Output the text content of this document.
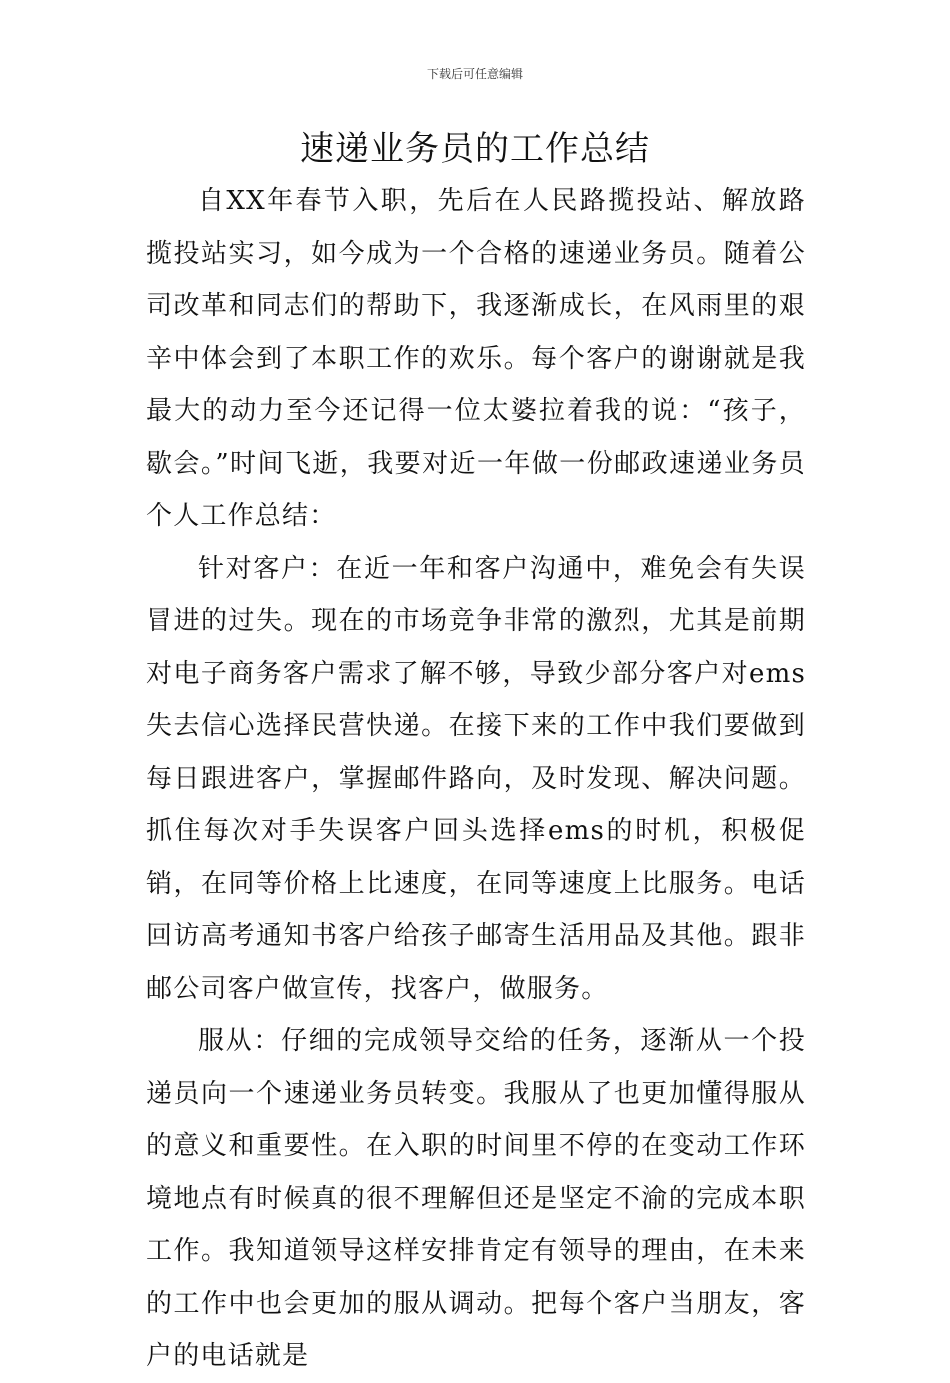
下载后可任意编辑
速递业务员的工作总结

自XX年春节入职，先后在人民路揽投站、解放路揽投站实习，如今成为一个合格的速递业务员。随着公司改革和同志们的帮助下，我逐渐成长，在风雨里的艰辛中体会到了本职工作的欢乐。每个客户的谢谢就是我最大的动力至今还记得一位太婆拉着我的说：“孩子，歇会。”时间飞逝，我要对近一年做一份邮政速递业务员个人工作总结：

针对客户：在近一年和客户沟通中，难免会有失误冒进的过失。现在的市场竞争非常的激烈，尤其是前期对电子商务客户需求了解不够，导致少部分客户对ems失去信心选择民营快递。在接下来的工作中我们要做到每日跟进客户，掌握邮件路向，及时发现、解决问题。抓住每次对手失误客户回头选择ems的时机，积极促销，在同等价格上比速度，在同等速度上比服务。电话回访高考通知书客户给孩子邮寄生活用品及其他。跟非邮公司客户做宣传，找客户，做服务。

服从：仔细的完成领导交给的任务，逐渐从一个投递员向一个速递业务员转变。我服从了也更加懂得服从的意义和重要性。在入职的时间里不停的在变动工作环境地点有时候真的很不理解但还是坚定不渝的完成本职工作。我知道领导这样安排肯定有领导的理由，在未来的工作中也会更加的服从调动。把每个客户当朋友，客户的电话就是
